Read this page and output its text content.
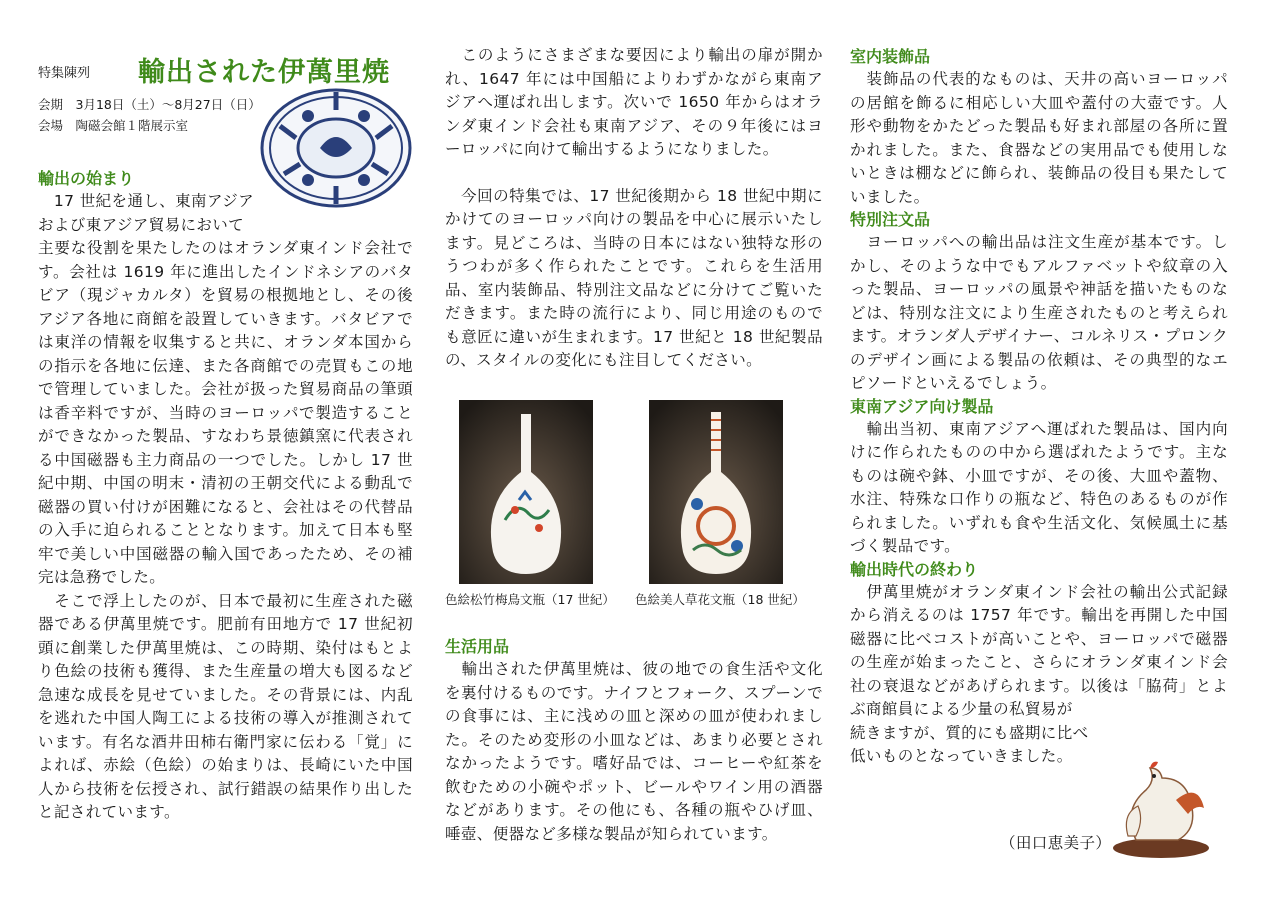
特集陳列 輸出された伊萬里焼
会期　3月18日（土）～8月27日（日）
会場　陶磁会館１階展示室

輸出の始まり

　17 世紀を通し、東南アジア

および東アジア貿易において

主要な役割を果たしたのはオランダ東インド会社です。会社は 1619 年に進出したインドネシアのバタビア（現ジャカルタ）を貿易の根拠地とし、その後アジア各地に商館を設置していきます。バタビアでは東洋の情報を収集すると共に、オランダ本国からの指示を各地に伝達、また各商館での売買もこの地で管理していました。会社が扱った貿易商品の筆頭は香辛料ですが、当時のヨーロッパで製造することができなかった製品、すなわち景徳鎮窯に代表される中国磁器も主力商品の一つでした。しかし 17 世紀中期、中国の明末・清初の王朝交代による動乱で磁器の買い付けが困難になると、会社はその代替品の入手に迫られることとなります。加えて日本も堅牢で美しい中国磁器の輸入国であったため、その補完は急務でした。

　そこで浮上したのが、日本で最初に生産された磁器である伊萬里焼です。肥前有田地方で 17 世紀初頭に創業した伊萬里焼は、この時期、染付はもとより色絵の技術も獲得、また生産量の増大も図るなど急速な成長を見せていました。その背景には、内乱を逃れた中国人陶工による技術の導入が推測されています。有名な酒井田柿右衛門家に伝わる「覚」によれば、赤絵（色絵）の始まりは、長崎にいた中国人から技術を伝授され、試行錯誤の結果作り出したと記されています。

　このようにさまざまな要因により輸出の扉が開かれ、1647 年には中国船によりわずかながら東南アジアへ運ばれ出します。次いで 1650 年からはオランダ東インド会社も東南アジア、その９年後にはヨーロッパに向けて輸出するようになりました。

　今回の特集では、17 世紀後期から 18 世紀中期にかけてのヨーロッパ向けの製品を中心に展示いたします。見どころは、当時の日本にはない独特な形のうつわが多く作られたことです。これらを生活用品、室内装飾品、特別注文品などに分けてご覧いただきます。また時の流行により、同じ用途のものでも意匠に違いが生まれます。17 世紀と 18 世紀製品の、スタイルの変化にも注目してください。

色絵松竹梅鳥文瓶（17 世紀） 色絵美人草花文瓶（18 世紀）

生活用品

　輸出された伊萬里焼は、彼の地での食生活や文化を裏付けるものです。ナイフとフォーク、スプーンでの食事には、主に浅めの皿と深めの皿が使われました。そのため変形の小皿などは、あまり必要とされなかったようです。嗜好品では、コーヒーや紅茶を飲むための小碗やポット、ビールやワイン用の酒器などがあります。その他にも、各種の瓶やひげ皿、唾壺、便器など多様な製品が知られています。

室内装飾品

　装飾品の代表的なものは、天井の高いヨーロッパの居館を飾るに相応しい大皿や蓋付の大壺です。人形や動物をかたどった製品も好まれ部屋の各所に置かれました。また、食器などの実用品でも使用しないときは棚などに飾られ、装飾品の役目も果たしていました。

特別注文品

　ヨーロッパへの輸出品は注文生産が基本です。しかし、そのような中でもアルファベットや紋章の入った製品、ヨーロッパの風景や神話を描いたものなどは、特別な注文により生産されたものと考えられます。オランダ人デザイナー、コルネリス・プロンクのデザイン画による製品の依頼は、その典型的なエピソードといえるでしょう。

東南アジア向け製品

　輸出当初、東南アジアへ運ばれた製品は、国内向けに作られたものの中から選ばれたようです。主なものは碗や鉢、小皿ですが、その後、大皿や蓋物、水注、特殊な口作りの瓶など、特色のあるものが作られました。いずれも食や生活文化、気候風土に基づく製品です。

輸出時代の終わり

　伊萬里焼がオランダ東インド会社の輸出公式記録から消えるのは 1757 年です。輸出を再開した中国磁器に比べコストが高いことや、ヨーロッパで磁器の生産が始まったこと、さらにオランダ東インド会社の衰退などがあげられます。以後は「脇荷」とよぶ商館員による少量の私貿易が

続きますが、質的にも盛期に比べ

低いものとなっていきました。

（田口恵美子）
